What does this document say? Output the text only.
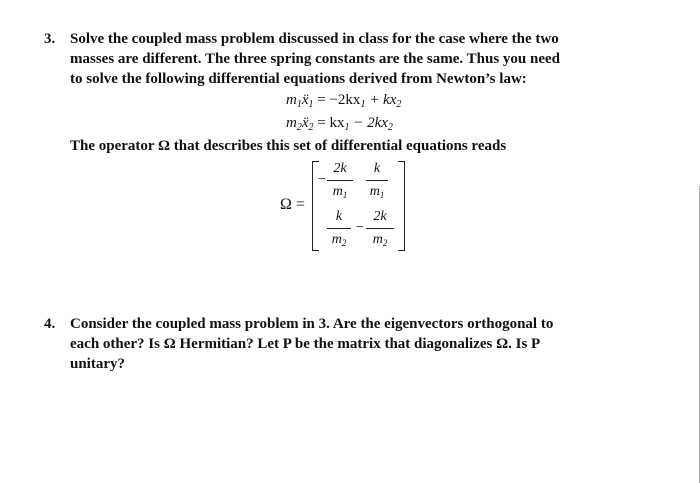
3. Solve the coupled mass problem discussed in class for the case where the two
masses are different. The three spring constants are the same. Thus you need
to solve the following differential equations derived from Newton’s law:
$m_1ẍ_1 = -2kx_1 + kx_2$
$m_2ẍ_2 = kx_1 - 2kx_2$
The operator Ω that describes this set of differential equations reads
Ω =
−
2k
$m_1$
k
$m_1$
k
$m_2$
−
2k
$m_2$
4. Consider the coupled mass problem in 3. Are the eigenvectors orthogonal to
each other? Is Ω Hermitian? Let P be the matrix that diagonalizes Ω. Is P
unitary?
